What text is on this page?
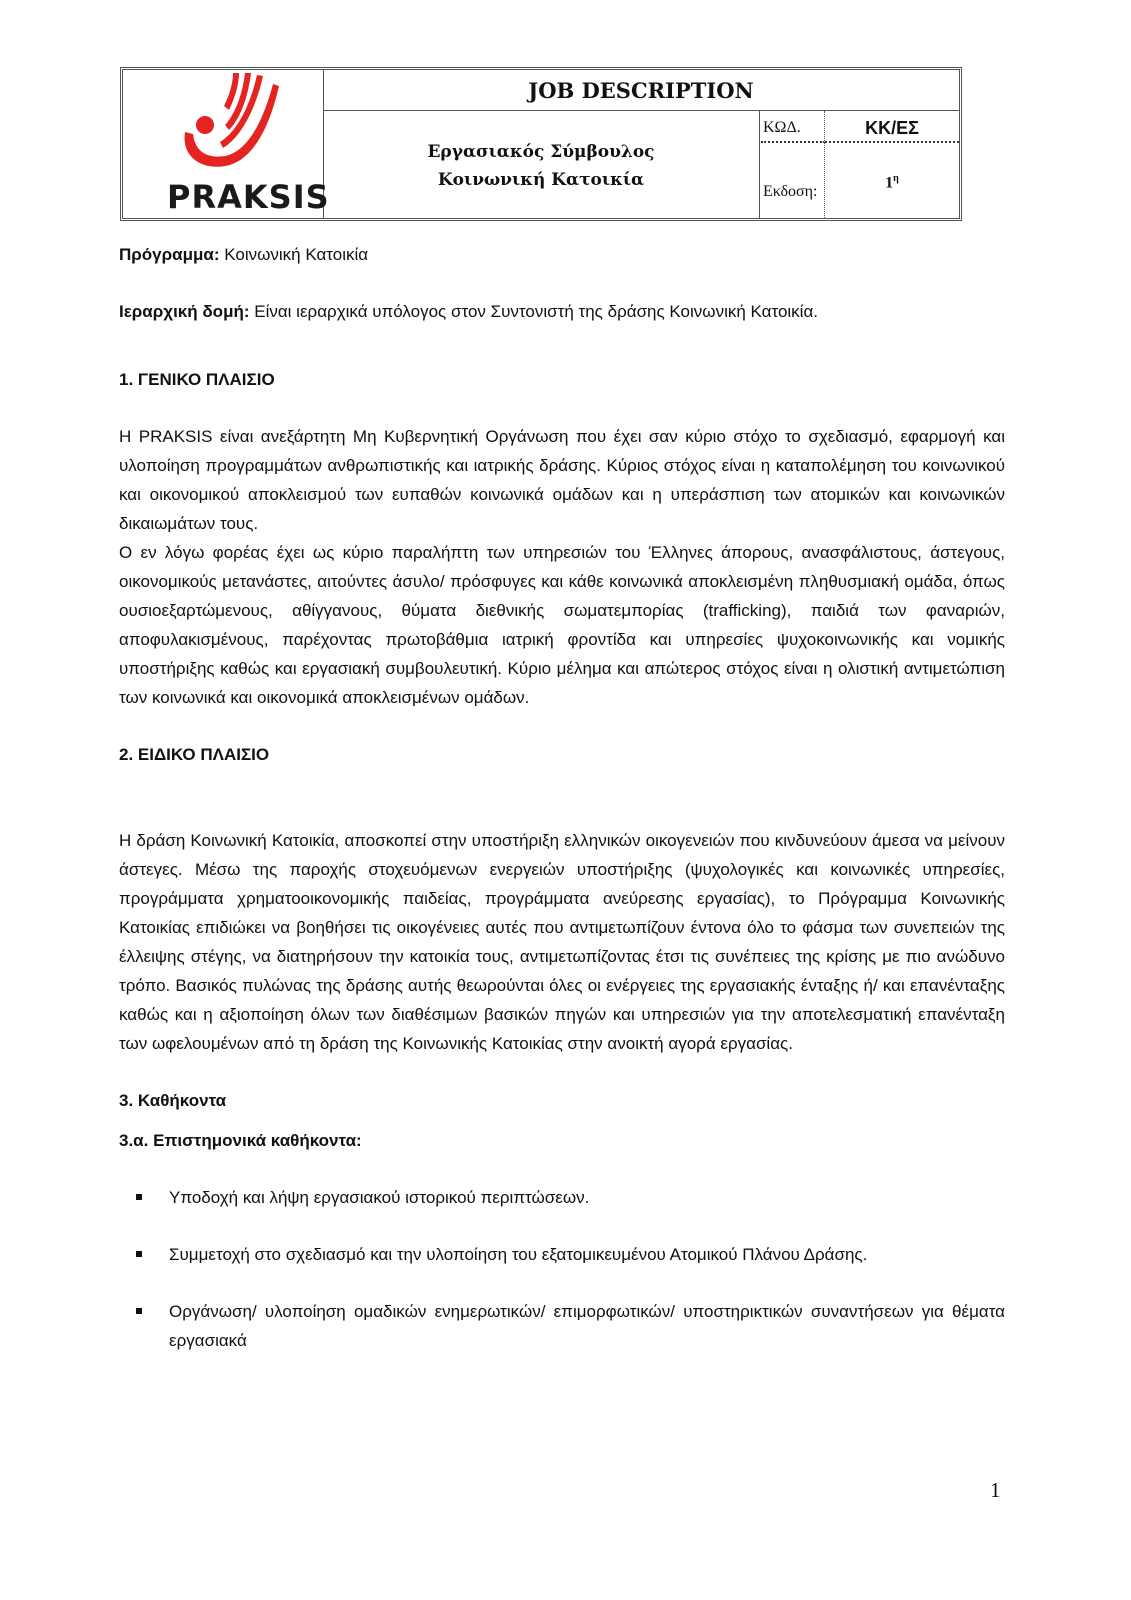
PRAKSIS
JOB DESCRIPTION
Εργασιακός Σύμβουλος
Κοινωνική Κατοικία
ΚΩΔ.	ΚΚ/ΕΣ
Εκδοση:
$1^\eta$

Πρόγραμμα: Κοινωνική Κατοικία

Ιεραρχική δομή: Είναι ιεραρχικά υπόλογος στον Συντονιστή της δράσης Κοινωνική Κατοικία.

1. ΓΕΝΙΚΟ ΠΛΑΙΣΙΟ

Η PRAKSIS είναι ανεξάρτητη Μη Κυβερνητική Οργάνωση που έχει σαν κύριο στόχο το σχεδιασμό, εφαρμογή και υλοποίηση προγραμμάτων ανθρωπιστικής και ιατρικής δράσης. Κύριος στόχος είναι η καταπολέμηση του κοινωνικού και οικονομικού αποκλεισμού των ευπαθών κοινωνικά ομάδων και η υπεράσπιση των ατομικών και κοινωνικών δικαιωμάτων τους.

Ο εν λόγω φορέας έχει ως κύριο παραλήπτη των υπηρεσιών του Έλληνες άπορους, ανασφάλιστους, άστεγους, οικονομικούς μετανάστες, αιτούντες άσυλο/ πρόσφυγες και κάθε κοινωνικά αποκλεισμένη πληθυσμιακή ομάδα, όπως ουσιοεξαρτώμενους, αθίγγανους, θύματα διεθνικής σωματεμπορίας (trafficking), παιδιά των φαναριών, αποφυλακισμένους, παρέχοντας πρωτοβάθμια ιατρική φροντίδα και υπηρεσίες ψυχοκοινωνικής και νομικής υποστήριξης καθώς και εργασιακή συμβουλευτική. Κύριο μέλημα και απώτερος στόχος είναι η ολιστική αντιμετώπιση των κοινωνικά και οικονομικά αποκλεισμένων ομάδων.

2. ΕΙΔΙΚΟ ΠΛΑΙΣΙΟ

Η δράση Κοινωνική Κατοικία, αποσκοπεί στην υποστήριξη ελληνικών οικογενειών που κινδυνεύουν άμεσα να μείνουν άστεγες. Μέσω της παροχής στοχευόμενων ενεργειών υποστήριξης (ψυχολογικές και κοινωνικές υπηρεσίες, προγράμματα χρηματοοικονομικής παιδείας, προγράμματα ανεύρεσης εργασίας), το Πρόγραμμα Κοινωνικής Κατοικίας επιδιώκει να βοηθήσει τις οικογένειες αυτές που αντιμετωπίζουν έντονα όλο το φάσμα των συνεπειών της έλλειψης στέγης, να διατηρήσουν την κατοικία τους, αντιμετωπίζοντας έτσι τις συνέπειες της κρίσης με πιο ανώδυνο τρόπο. Βασικός πυλώνας της δράσης αυτής θεωρούνται όλες οι ενέργειες της εργασιακής ένταξης ή/ και επανένταξης καθώς και η αξιοποίηση όλων των διαθέσιμων βασικών πηγών και υπηρεσιών για την αποτελεσματική επανένταξη των ωφελουμένων από τη δράση της Κοινωνικής Κατοικίας στην ανοικτή αγορά εργασίας.

3. Καθήκοντα

3.α. Επιστημονικά καθήκοντα:

Υποδοχή και λήψη εργασιακού ιστορικού περιπτώσεων.
Συμμετοχή στο σχεδιασμό και την υλοποίηση του εξατομικευμένου Ατομικού Πλάνου Δράσης.
Οργάνωση/ υλοποίηση ομαδικών ενημερωτικών/ επιμορφωτικών/ υποστηρικτικών συναντήσεων για θέματα εργασιακά
1
